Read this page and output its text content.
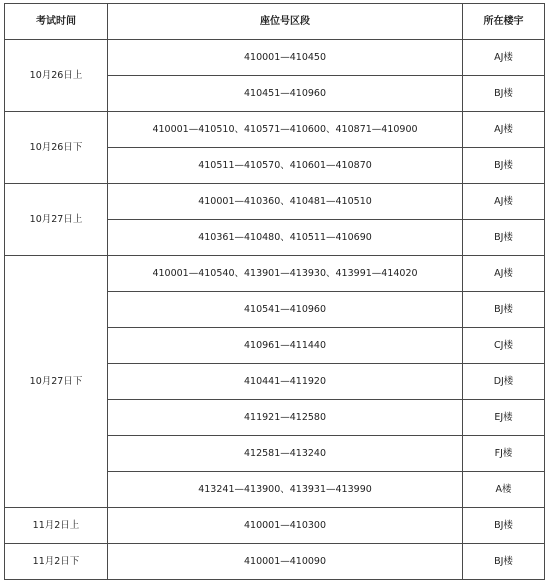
考试时间	座位号区段	所在楼宇
10月26日上	410001—410450	AJ楼
	410451—410960	BJ楼
10月26日下	410001—410510、410571—410600、410871—410900	AJ楼
	410511—410570、410601—410870	BJ楼
10月27日上	410001—410360、410481—410510	AJ楼
	410361—410480、410511—410690	BJ楼
10月27日下	410001—410540、413901—413930、413991—414020	AJ楼
	410541—410960	BJ楼
	410961—411440	CJ楼
	410441—411920	DJ楼
	411921—412580	EJ楼
	412581—413240	FJ楼
	413241—413900、413931—413990	A楼
11月2日上	410001—410300	BJ楼
11月2日下	410001—410090	BJ楼
